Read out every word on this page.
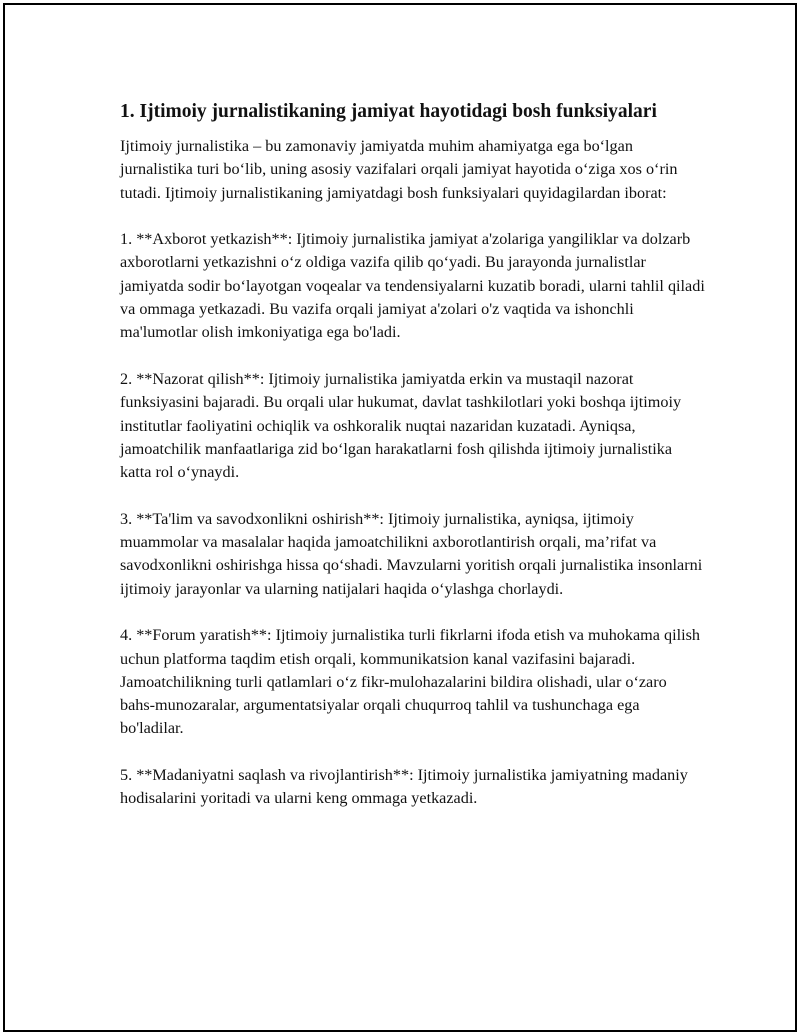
1. Ijtimoiy jurnalistikaning jamiyat hayotidagi bosh funksiyalari

Ijtimoiy jurnalistika – bu zamonaviy jamiyatda muhim ahamiyatga ega bo‘lgan jurnalistika turi bo‘lib, uning asosiy vazifalari orqali jamiyat hayotida o‘ziga xos o‘rin tutadi. Ijtimoiy jurnalistikaning jamiyatdagi bosh funksiyalari quyidagilardan iborat:

1. **Axborot yetkazish**: Ijtimoiy jurnalistika jamiyat a'zolariga yangiliklar va dolzarb axborotlarni yetkazishni o‘z oldiga vazifa qilib qo‘yadi. Bu jarayonda jurnalistlar jamiyatda sodir bo‘layotgan voqealar va tendensiyalarni kuzatib boradi, ularni tahlil qiladi va ommaga yetkazadi. Bu vazifa orqali jamiyat a'zolari o'z vaqtida va ishonchli ma'lumotlar olish imkoniyatiga ega bo'ladi.

2. **Nazorat qilish**: Ijtimoiy jurnalistika jamiyatda erkin va mustaqil nazorat funksiyasini bajaradi. Bu orqali ular hukumat, davlat tashkilotlari yoki boshqa ijtimoiy institutlar faoliyatini ochiqlik va oshkoralik nuqtai nazaridan kuzatadi. Ayniqsa, jamoatchilik manfaatlariga zid bo‘lgan harakatlarni fosh qilishda ijtimoiy jurnalistika katta rol o‘ynaydi.

3. **Ta'lim va savodxonlikni oshirish**: Ijtimoiy jurnalistika, ayniqsa, ijtimoiy muammolar va masalalar haqida jamoatchilikni axborotlantirish orqali, ma’rifat va savodxonlikni oshirishga hissa qo‘shadi. Mavzularni yoritish orqali jurnalistika insonlarni ijtimoiy jarayonlar va ularning natijalari haqida o‘ylashga chorlaydi.

4. **Forum yaratish**: Ijtimoiy jurnalistika turli fikrlarni ifoda etish va muhokama qilish uchun platforma taqdim etish orqali, kommunikatsion kanal vazifasini bajaradi. Jamoatchilikning turli qatlamlari o‘z fikr-mulohazalarini bildira olishadi, ular o‘zaro bahs-munozaralar, argumentatsiyalar orqali chuqurroq tahlil va tushunchaga ega bo'ladilar.

5. **Madaniyatni saqlash va rivojlantirish**: Ijtimoiy jurnalistika jamiyatning madaniy hodisalarini yoritadi va ularni keng ommaga yetkazadi.
